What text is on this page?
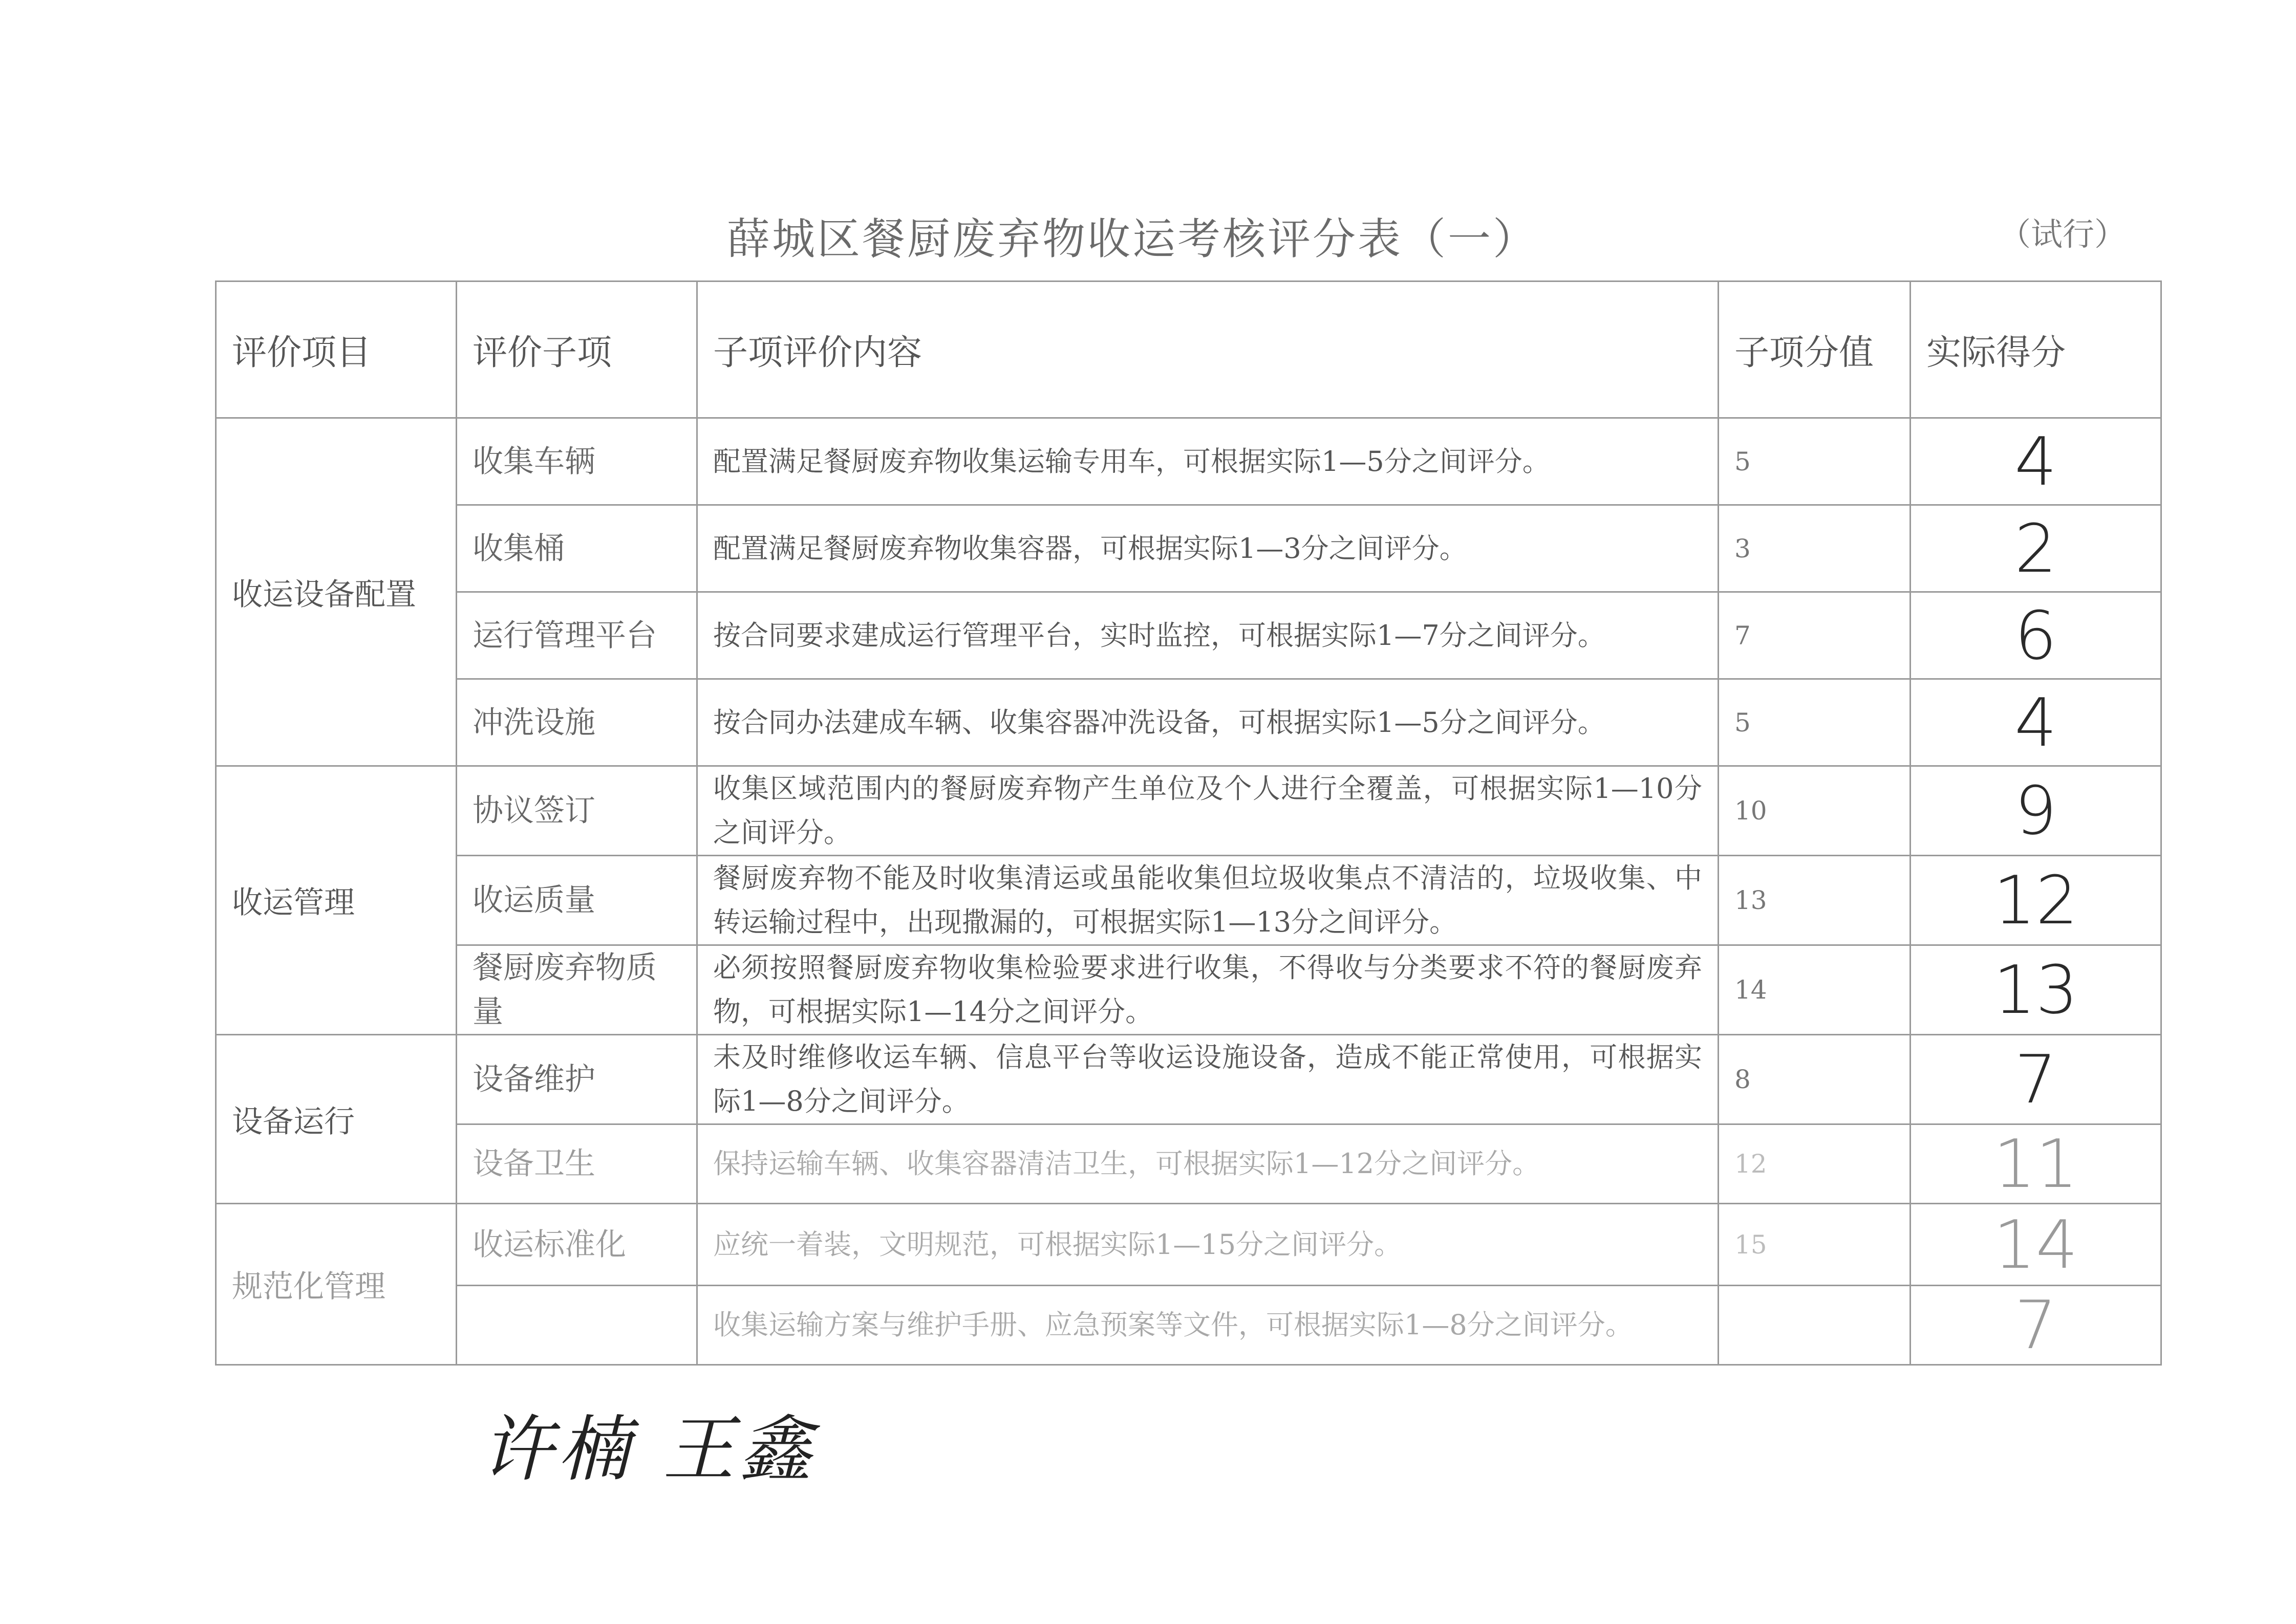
薛城区餐厨废弃物收运考核评分表（一）	（试行）
评价项目	评价子项	子项评价内容	子项分值	实际得分
收运设备配置	收集车辆	配置满足餐厨废弃物收集运输专用车，可根据实际1—5分之间评分。	5	4
	收集桶	配置满足餐厨废弃物收集容器，可根据实际1—3分之间评分。	3	2
	运行管理平台	按合同要求建成运行管理平台，实时监控，可根据实际1—7分之间评分。	7	6
	冲洗设施	按合同办法建成车辆、收集容器冲洗设备，可根据实际1—5分之间评分。	5	4
收运管理	协议签订	收集区域范围内的餐厨废弃物产生单位及个人进行全覆盖，可根据实际1—10分之间评分。	10	9
	收运质量	餐厨废弃物不能及时收集清运或虽能收集但垃圾收集点不清洁的，垃圾收集、中转运输过程中，出现撒漏的，可根据实际1—13分之间评分。	13	12
	餐厨废弃物质量	必须按照餐厨废弃物收集检验要求进行收集，不得收与分类要求不符的餐厨废弃物，可根据实际1—14分之间评分。	14	13
设备运行	设备维护	未及时维修收运车辆、信息平台等收运设施设备，造成不能正常使用，可根据实际1—8分之间评分。	8	7
	设备卫生	保持运输车辆、收集容器清洁卫生，可根据实际1—12分之间评分。	12	11
规范化管理	收运标准化	应统一着装，文明规范，可根据实际1—15分之间评分。	15	14
		收集运输方案与维护手册、应急预案等文件，可根据实际1—8分之间评分。		7
许楠 王鑫
